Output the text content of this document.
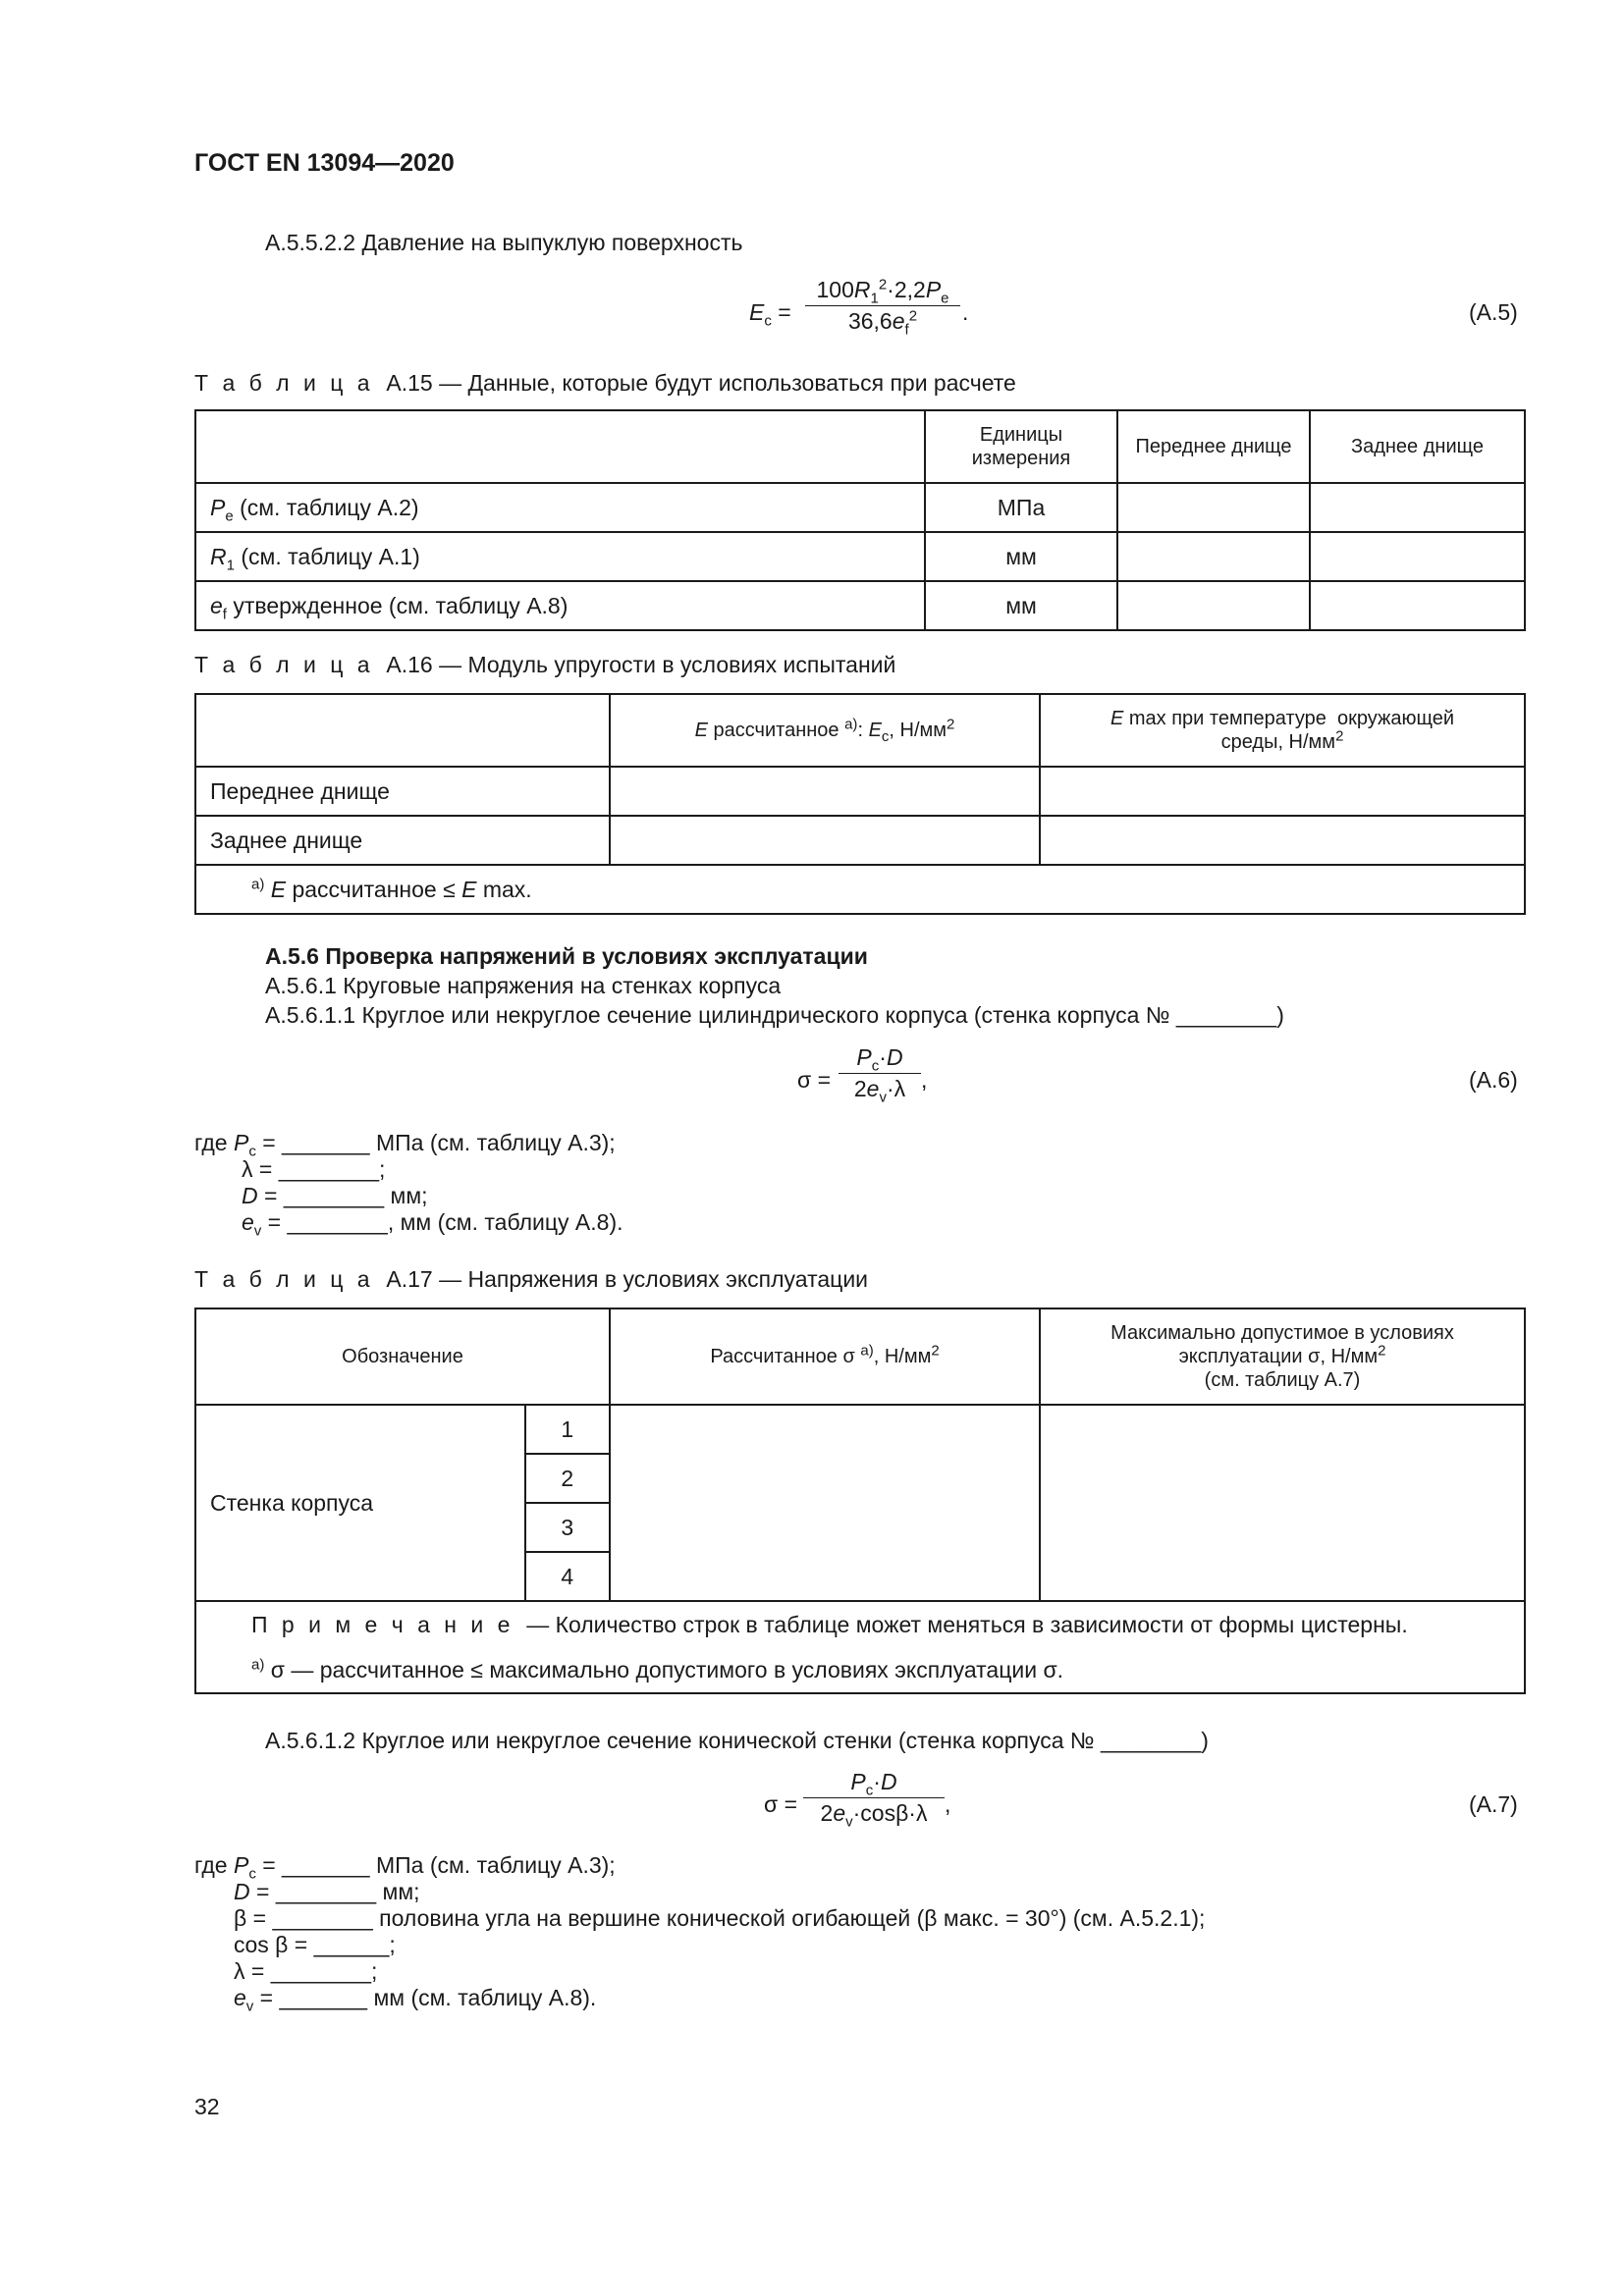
ГОСТ EN 13094—2020
А.5.5.2.2 Давление на выпуклую поверхность
$E_c = \frac{100R_1^2\cdot 2,2P_e}{36,6e_f^2}$ .	(А.5)
Т а б л и ц а А.15 — Данные, которые будут использоваться при расчете
	Единицы
измерения	Переднее днище	Заднее днище
$P_e$ (см. таблицу А.2)	МПа		
$R_1$ (см. таблицу А.1)	мм		
$e_f$ утвержденное (см. таблицу А.8)	мм		
Т а б л и ц а А.16 — Модуль упругости в условиях испытаний
	E рассчитанное $^{а)}$: $E_с$, $Н/мм^2$	E max при температуре  окружающей
среды, $Н/мм^2$
Переднее днище		
Заднее днище		
$^{а)}$ E рассчитанное ≤ E max.		
А.5.6 Проверка напряжений в условиях эксплуатации
А.5.6.1 Круговые напряжения на стенках корпуса
А.5.6.1.1 Круглое или некруглое сечение цилиндрического корпуса (стенка корпуса № ________)
$\sigma = \frac{P_c\cdot D}{2e_v\cdot\lambda}$ ,	(А.6)
где $P_c$ = _______ МПа (см. таблицу А.3);
λ = ________;
D = ________ мм;
$e_v$ = ________, мм (см. таблицу А.8).
Т а б л и ц а А.17 — Напряжения в условиях эксплуатации
Обозначение		Рассчитанное σ $^{а)}$, $Н/мм^2$	Максимально допустимое в условиях
эксплуатации σ, $Н/мм^2$
(см. таблицу А.7)
Стенка корпуса	1		
	2		
	3		
	4		

П р и м е ч а н и е — Количество строк в таблице может меняться в зависимости от формы цистерны.
$^{а)}$ σ — рассчитанное ≤ максимально допустимого в условиях эксплуатации σ.			
А.5.6.1.2 Круглое или некруглое сечение конической стенки (стенка корпуса № ________)
$\sigma = \frac{P_c\cdot D}{2e_v\cdot\cos\beta\cdot\lambda}$ ,	(А.7)
где $P_c$ = _______ МПа (см. таблицу А.3);
D = ________ мм;
β = ________ половина угла на вершине конической огибающей (β макс. = 30°) (см. А.5.2.1);
cos β = ______;
λ = ________;
$e_v$ = _______ мм (см. таблицу А.8).
32
